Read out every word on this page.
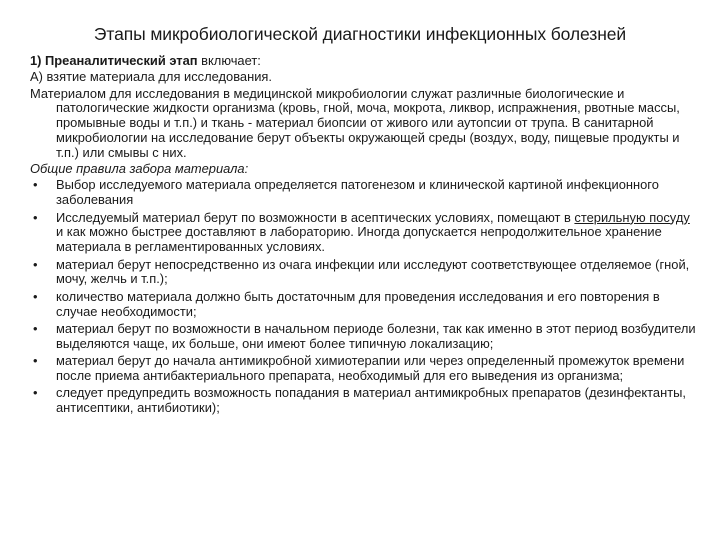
Этапы микробиологической диагностики инфекционных болезней
1) Преаналитический этап включает:
А) взятие материала для исследования.
Материалом для исследования в медицинской микробиологии служат различные биологические и патологические жидкости организма (кровь, гной, моча, мокрота, ликвор, испражнения, рвотные массы, промывные воды и т.п.) и ткань - материал биопсии от живого или аутопсии от трупа. В санитарной микробиологии на исследование берут объекты окружающей среды (воздух, воду, пищевые продукты и т.п.) или смывы с них.
Общие правила забора материала:
• Выбор исследуемого материала определяется патогенезом и клинической картиной инфекционного заболевания
• Исследуемый материал берут по возможности в асептических условиях, помещают в стерильную посуду и как можно быстрее доставляют в лабораторию. Иногда допускается непродолжительное хранение материала в регламентированных условиях.
• материал берут непосредственно из очага инфекции или исследуют соответствующее отделяемое (гной, мочу, желчь и т.п.);
• количество материала должно быть достаточным для проведения исследования и его повторения в случае необходимости;
• материал берут по возможности в начальном периоде болезни, так как именно в этот период возбудители выделяются чаще, их больше, они имеют более типичную локализацию;
• материал берут до начала антимикробной химиотерапии или через определенный промежуток времени после приема антибактериального препарата, необходимый для его выведения из организма;
• следует предупредить возможность попадания в материал антимикробных препаратов (дезинфектанты, антисептики, антибиотики);
